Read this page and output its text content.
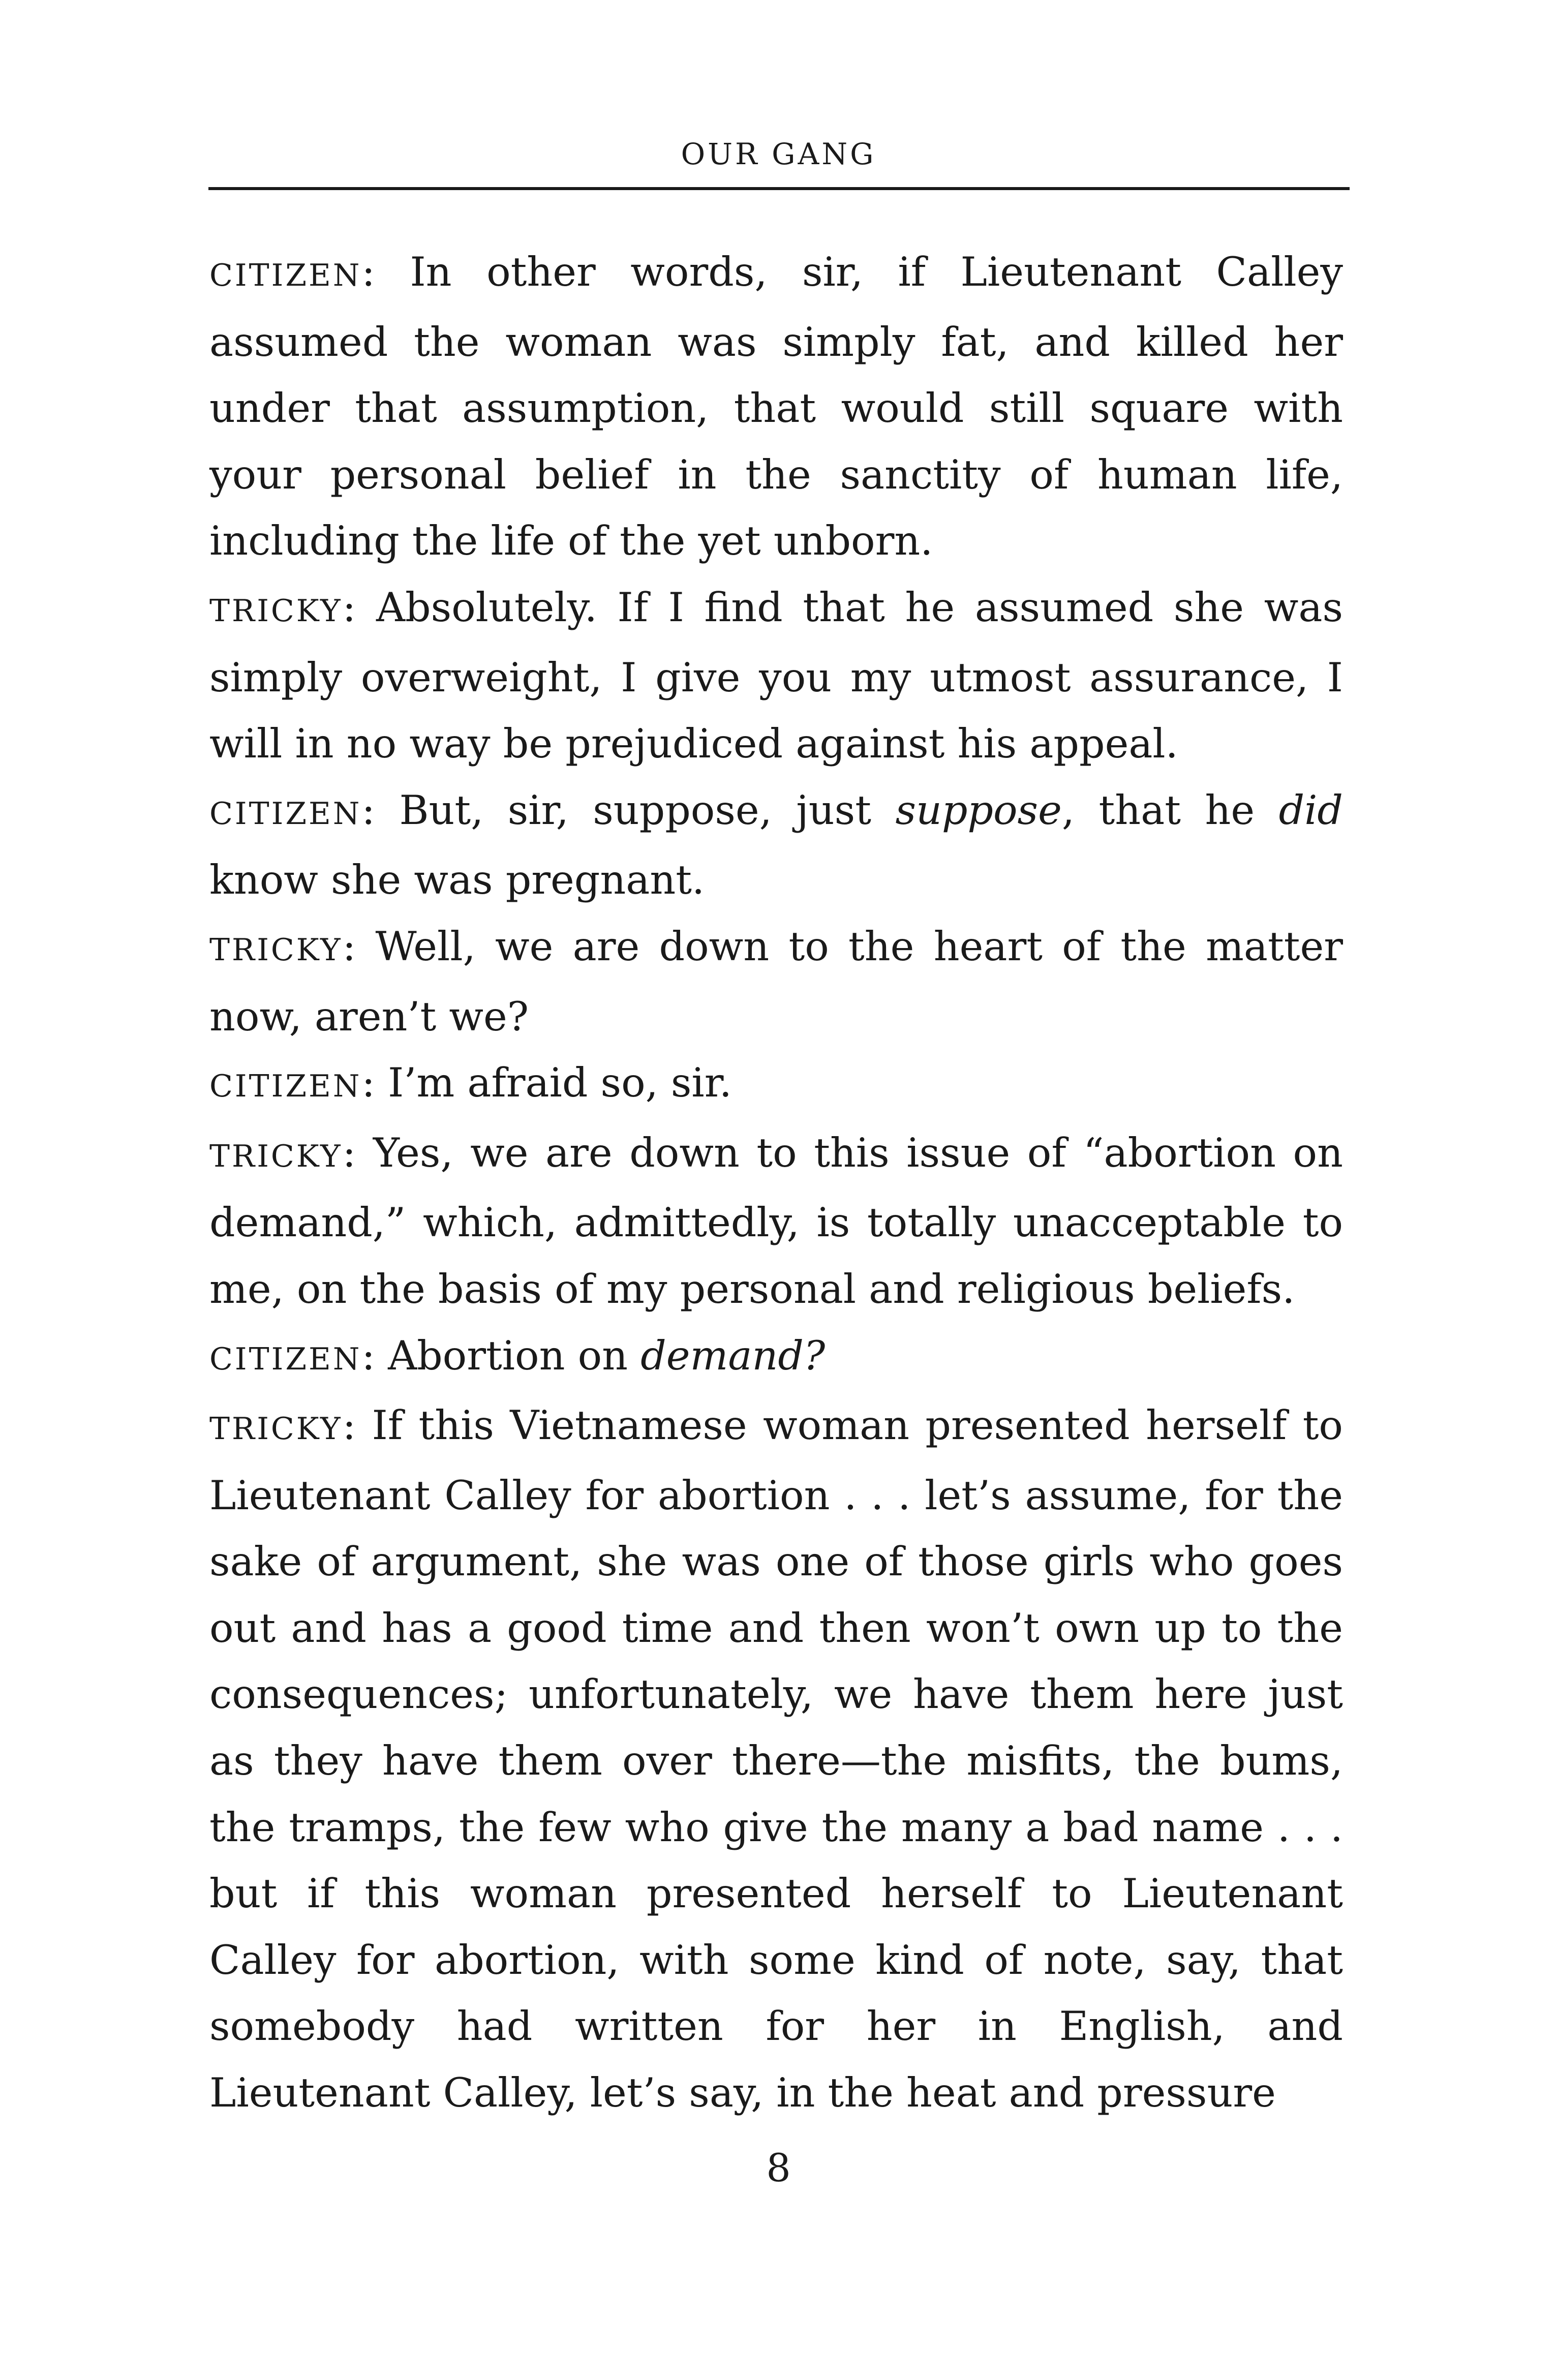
OUR GANG

CITIZEN: In other words, sir, if Lieutenant Calley assumed the woman was simply fat, and killed her under that assumption, that would still square with your personal belief in the sanctity of human life, including the life of the yet unborn.

TRICKY: Absolutely. If I find that he assumed she was simply overweight, I give you my utmost assurance, I will in no way be prejudiced against his appeal.

CITIZEN: But, sir, suppose, just suppose, that he did know she was pregnant.

TRICKY: Well, we are down to the heart of the matter now, aren’t we?

CITIZEN: I’m afraid so, sir.

TRICKY: Yes, we are down to this issue of “abortion on demand,” which, admittedly, is totally unacceptable to me, on the basis of my personal and religious beliefs.

CITIZEN: Abortion on demand?

TRICKY: If this Vietnamese woman presented herself to Lieutenant Calley for abortion . . . let’s assume, for the sake of argument, she was one of those girls who goes out and has a good time and then won’t own up to the consequences; unfortunately, we have them here just as they have them over there—the misfits, the bums, the tramps, the few who give the many a bad name . . . but if this woman presented herself to Lieutenant Calley for abortion, with some kind of note, say, that somebody had written for her in English, and Lieutenant Calley, let’s say, in the heat and pressure

8
